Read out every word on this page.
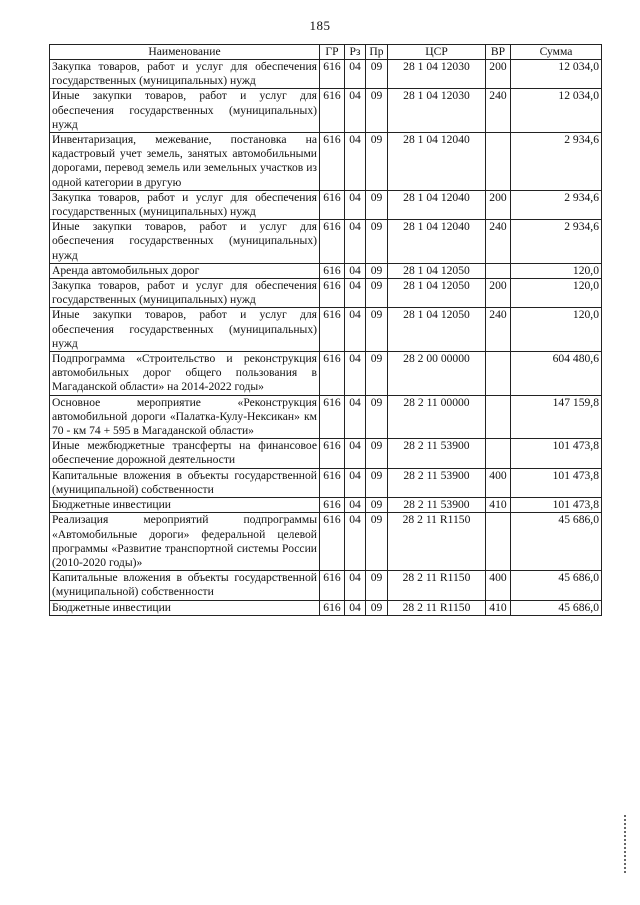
185
Наименование	ГР	Рз	Пр	ЦСР	ВР	Сумма
Закупка товаров, работ и услуг для обеспечения государственных (муниципальных) нужд	616	04	09	28 1 04 12030	200	12 034,0
Иные закупки товаров, работ и услуг для обеспечения государственных (муниципальных) нужд	616	04	09	28 1 04 12030	240	12 034,0
Инвентаризация, межевание, постановка на кадастровый учет земель, занятых автомобильными дорогами, перевод земель или земельных участков из одной категории в другую	616	04	09	28 1 04 12040		2 934,6
Закупка товаров, работ и услуг для обеспечения государственных (муниципальных) нужд	616	04	09	28 1 04 12040	200	2 934,6
Иные закупки товаров, работ и услуг для обеспечения государственных (муниципальных) нужд	616	04	09	28 1 04 12040	240	2 934,6
Аренда автомобильных дорог	616	04	09	28 1 04 12050		120,0
Закупка товаров, работ и услуг для обеспечения государственных (муниципальных) нужд	616	04	09	28 1 04 12050	200	120,0
Иные закупки товаров, работ и услуг для обеспечения государственных (муниципальных) нужд	616	04	09	28 1 04 12050	240	120,0
Подпрограмма «Строительство и реконструкция автомобильных дорог общего пользования в Магаданской области» на 2014-2022 годы»	616	04	09	28 2 00 00000		604 480,6
Основное мероприятие «Реконструкция автомобильной дороги «Палатка-Кулу-Нексикан» км 70 - км 74 + 595 в Магаданской области»	616	04	09	28 2 11 00000		147 159,8
Иные межбюджетные трансферты на финансовое обеспечение дорожной деятельности	616	04	09	28 2 11 53900		101 473,8
Капитальные вложения в объекты государственной (муниципальной) собственности	616	04	09	28 2 11 53900	400	101 473,8
Бюджетные инвестиции	616	04	09	28 2 11 53900	410	101 473,8
Реализация мероприятий подпрограммы «Автомобильные дороги» федеральной целевой программы «Развитие транспортной системы России (2010-2020 годы)»	616	04	09	28 2 11 R1150		45 686,0
Капитальные вложения в объекты государственной (муниципальной) собственности	616	04	09	28 2 11 R1150	400	45 686,0
Бюджетные инвестиции	616	04	09	28 2 11 R1150	410	45 686,0
